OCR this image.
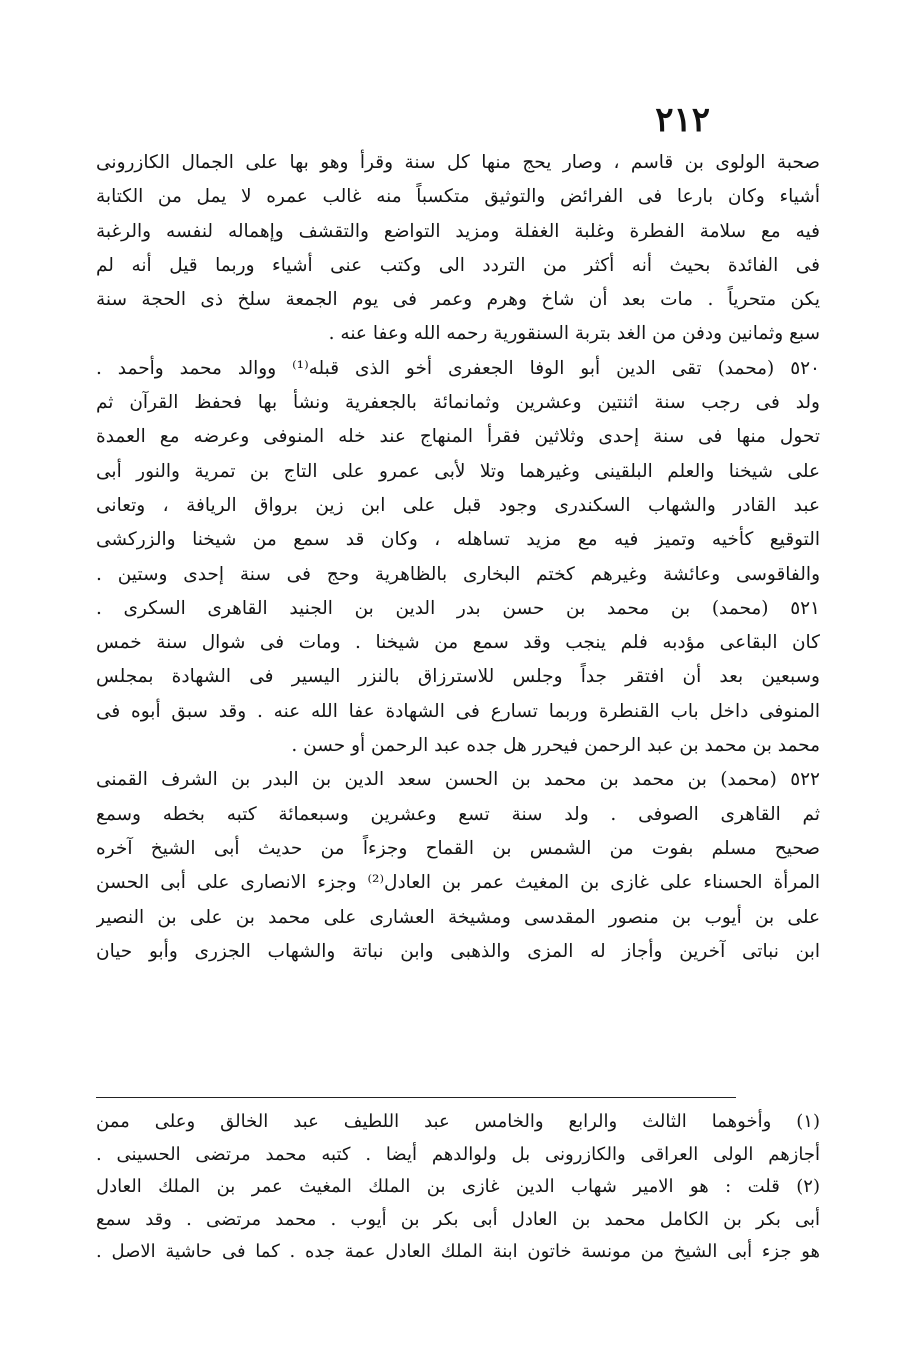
٢١٢
صحبة الولوى بن قاسم ، وصار يحج منها كل سنة وقرأ وهو بها على الجمال الكازرونى
أشياء وكان بارعا فى الفرائض والتوثيق متكسباً منه غالب عمره لا يمل من الكتابة
فيه مع سلامة الفطرة وغلبة الغفلة ومزيد التواضع والتقشف وإهماله لنفسه والرغبة
فى الفائدة بحيث أنه أكثر من التردد الى وكتب عنى أشياء وربما قيل أنه لم
يكن متحرياً . مات بعد أن شاخ وهرم وعمر فى يوم الجمعة سلخ ذى الحجة سنة
سبع وثمانين ودفن من الغد بتربة السنقورية رحمه الله وعفا عنه .
٥٢٠ (محمد) تقى الدين أبو الوفا الجعفرى أخو الذى قبله⁽¹⁾ ووالد محمد وأحمد .
ولد فى رجب سنة اثنتين وعشرين وثمانمائة بالجعفرية ونشأ بها فحفظ القرآن ثم
تحول منها فى سنة إحدى وثلاثين فقرأ المنهاج عند خله المنوفى وعرضه مع العمدة
على شيخنا والعلم البلقينى وغيرهما وتلا لأبى عمرو على التاج بن تمرية والنور أبى
عبد القادر والشهاب السكندرى وجود قبل على ابن زين برواق الريافة ، وتعانى
التوقيع كأخيه وتميز فيه مع مزيد تساهله ، وكان قد سمع من شيخنا والزركشى
والفاقوسى وعائشة وغيرهم كختم البخارى بالظاهرية وحج فى سنة إحدى وستين .
٥٢١ (محمد) بن محمد بن حسن بدر الدين بن الجنيد القاهرى السكرى .
كان البقاعى مؤدبه فلم ينجب وقد سمع من شيخنا . ومات فى شوال سنة خمس
وسبعين بعد أن افتقر جداً وجلس للاسترزاق بالنزر اليسير فى الشهادة بمجلس
المنوفى داخل باب القنطرة وربما تسارع فى الشهادة عفا الله عنه . وقد سبق أبوه فى
محمد بن محمد بن عبد الرحمن فيحرر هل جده عبد الرحمن أو حسن .
٥٢٢ (محمد) بن محمد بن محمد بن الحسن سعد الدين بن البدر بن الشرف القمنى
ثم القاهرى الصوفى . ولد سنة تسع وعشرين وسبعمائة كتبه بخطه وسمع
صحيح مسلم بفوت من الشمس بن القماح وجزءاً من حديث أبى الشيخ آخره
المرأة الحسناء على غازى بن المغيث عمر بن العادل⁽²⁾ وجزء الانصارى على أبى الحسن
على بن أيوب بن منصور المقدسى ومشيخة العشارى على محمد بن على بن النصير
ابن نباتى آخرين وأجاز له المزى والذهبى وابن نباتة والشهاب الجزرى وأبو حيان
(١) وأخوهما الثالث والرابع والخامس عبد اللطيف عبد الخالق وعلى ممن
أجازهم الولى العراقى والكازرونى بل ولوالدهم أيضا . كتبه محمد مرتضى الحسينى .
(٢) قلت : هو الامير شهاب الدين غازى بن الملك المغيث عمر بن الملك العادل
أبى بكر بن الكامل محمد بن العادل أبى بكر بن أيوب . محمد مرتضى . وقد سمع
هو جزء أبى الشيخ من مونسة خاتون ابنة الملك العادل عمة جده . كما فى حاشية الاصل .
